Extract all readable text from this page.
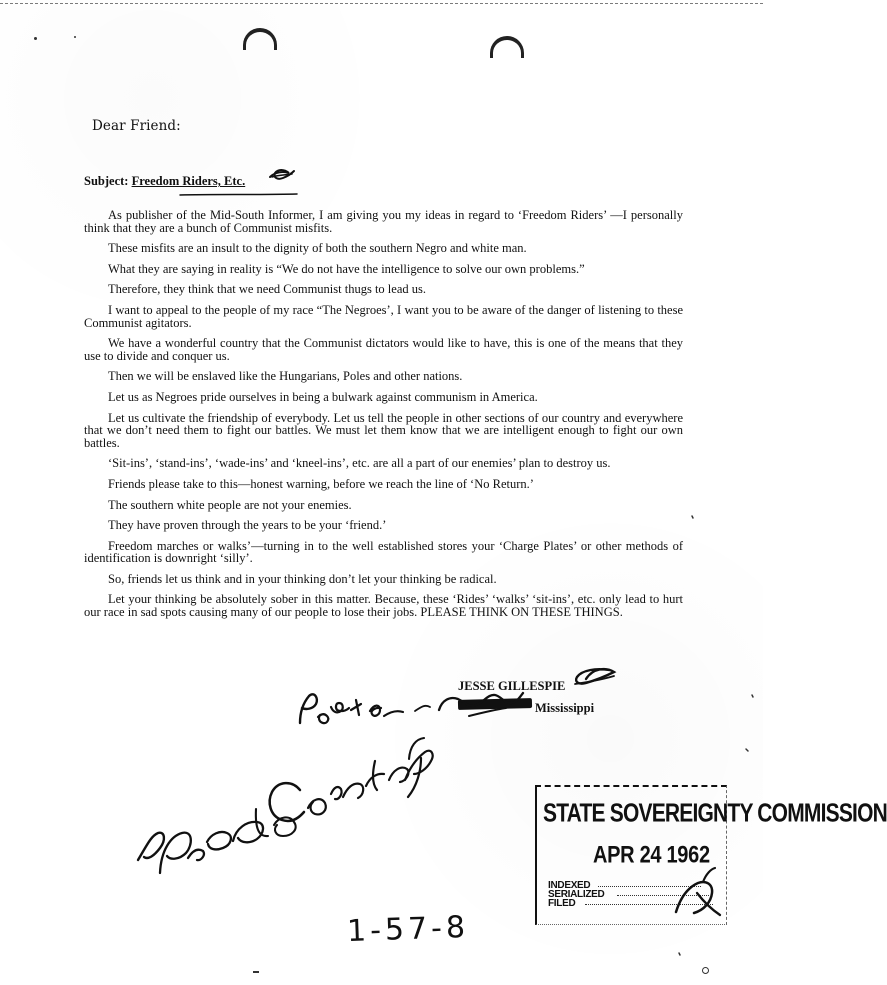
Dear Friend:
Subject: Freedom Riders, Etc.

As publisher of the Mid-South Informer, I am giving you my ideas in regard to ‘Freedom Riders’ —I personally think that they are a bunch of Communist misfits.

These misfits are an insult to the dignity of both the southern Negro and white man.

What they are saying in reality is “We do not have the intelligence to solve our own problems.”

Therefore, they think that we need Communist thugs to lead us.

I want to appeal to the people of my race “The Negroes’, I want you to be aware of the danger of listening to these Communist agitators.

We have a wonderful country that the Communist dictators would like to have, this is one of the means that they use to divide and conquer us.

Then we will be enslaved like the Hungarians, Poles and other nations.

Let us as Negroes pride ourselves in being a bulwark against communism in America.

Let us cultivate the friendship of everybody. Let us tell the people in other sections of our country and everywhere that we don’t need them to fight our battles. We must let them know that we are intelligent enough to fight our own battles.

‘Sit-ins’, ‘stand-ins’, ‘wade-ins’ and ‘kneel-ins’, etc. are all a part of our enemies’ plan to destroy us.

Friends please take to this—honest warning, before we reach the line of ‘No Return.’

The southern white people are not your enemies.

They have proven through the years to be your ‘friend.’

Freedom marches or walks’—turning in to the well established stores your ‘Charge Plates’ or other methods of identification is downright ‘silly’.

So, friends let us think and in your thinking don’t let your thinking be radical.

Let your thinking be absolutely sober in this matter. Because, these ‘Rides’ ‘walks’ ‘sit-ins’, etc. only lead to hurt our race in sad spots causing many of our people to lose their jobs. PLEASE THINK ON THESE THINGS.

JESSE GILLESPIE
Mississippi
STATE SOVEREIGNTY COMMISSION
APR 24 1962
INDEXED
SERIALIZED
FILED
1-57-8
